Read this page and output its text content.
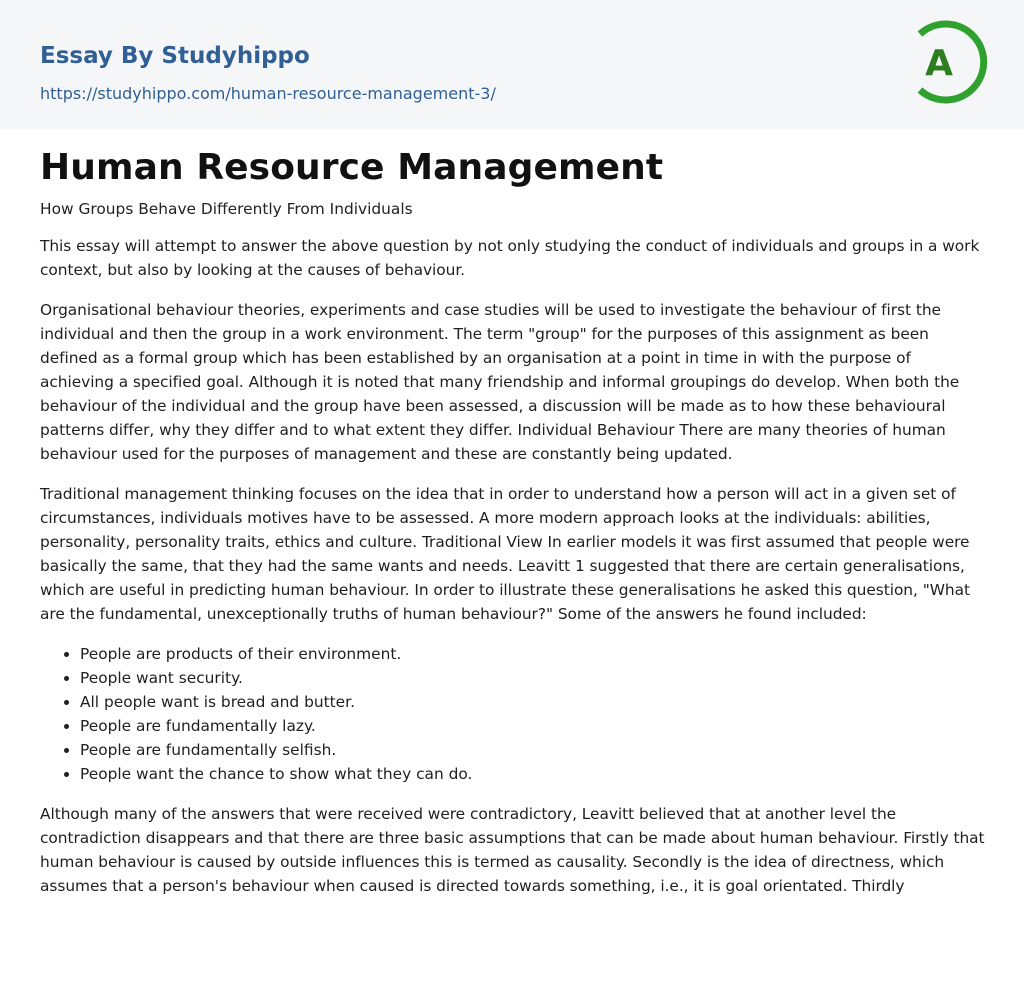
Essay By Studyhippo
https://studyhippo.com/human-resource-management-3/
A
Human Resource Management
How Groups Behave Differently From Individuals

This essay will attempt to answer the above question by not only studying the conduct of individuals and groups in a work context, but also by looking at the causes of behaviour.

Organisational behaviour theories, experiments and case studies will be used to investigate the behaviour of first the individual and then the group in a work environment. The term "group" for the purposes of this assignment as been defined as a formal group which has been established by an organisation at a point in time in with the purpose of achieving a specified goal. Although it is noted that many friendship and informal groupings do develop. When both the behaviour of the individual and the group have been assessed, a discussion will be made as to how these behavioural patterns differ, why they differ and to what extent they differ. Individual Behaviour There are many theories of human behaviour used for the purposes of management and these are constantly being updated.

Traditional management thinking focuses on the idea that in order to understand how a person will act in a given set of circumstances, individuals motives have to be assessed. A more modern approach looks at the individuals: abilities, personality, personality traits, ethics and culture. Traditional View In earlier models it was first assumed that people were basically the same, that they had the same wants and needs. Leavitt 1 suggested that there are certain generalisations, which are useful in predicting human behaviour. In order to illustrate these generalisations he asked this question, "What are the fundamental, unexceptionally truths of human behaviour?" Some of the answers he found included:

• People are products of their environment.
• People want security.
• All people want is bread and butter.
• People are fundamentally lazy.
• People are fundamentally selfish.
• People want the chance to show what they can do.

Although many of the answers that were received were contradictory, Leavitt believed that at another level the contradiction disappears and that there are three basic assumptions that can be made about human behaviour. Firstly that human behaviour is caused by outside influences this is termed as causality. Secondly is the idea of directness, which assumes that a person's behaviour when caused is directed towards something, i.e., it is goal orientated. Thirdly
